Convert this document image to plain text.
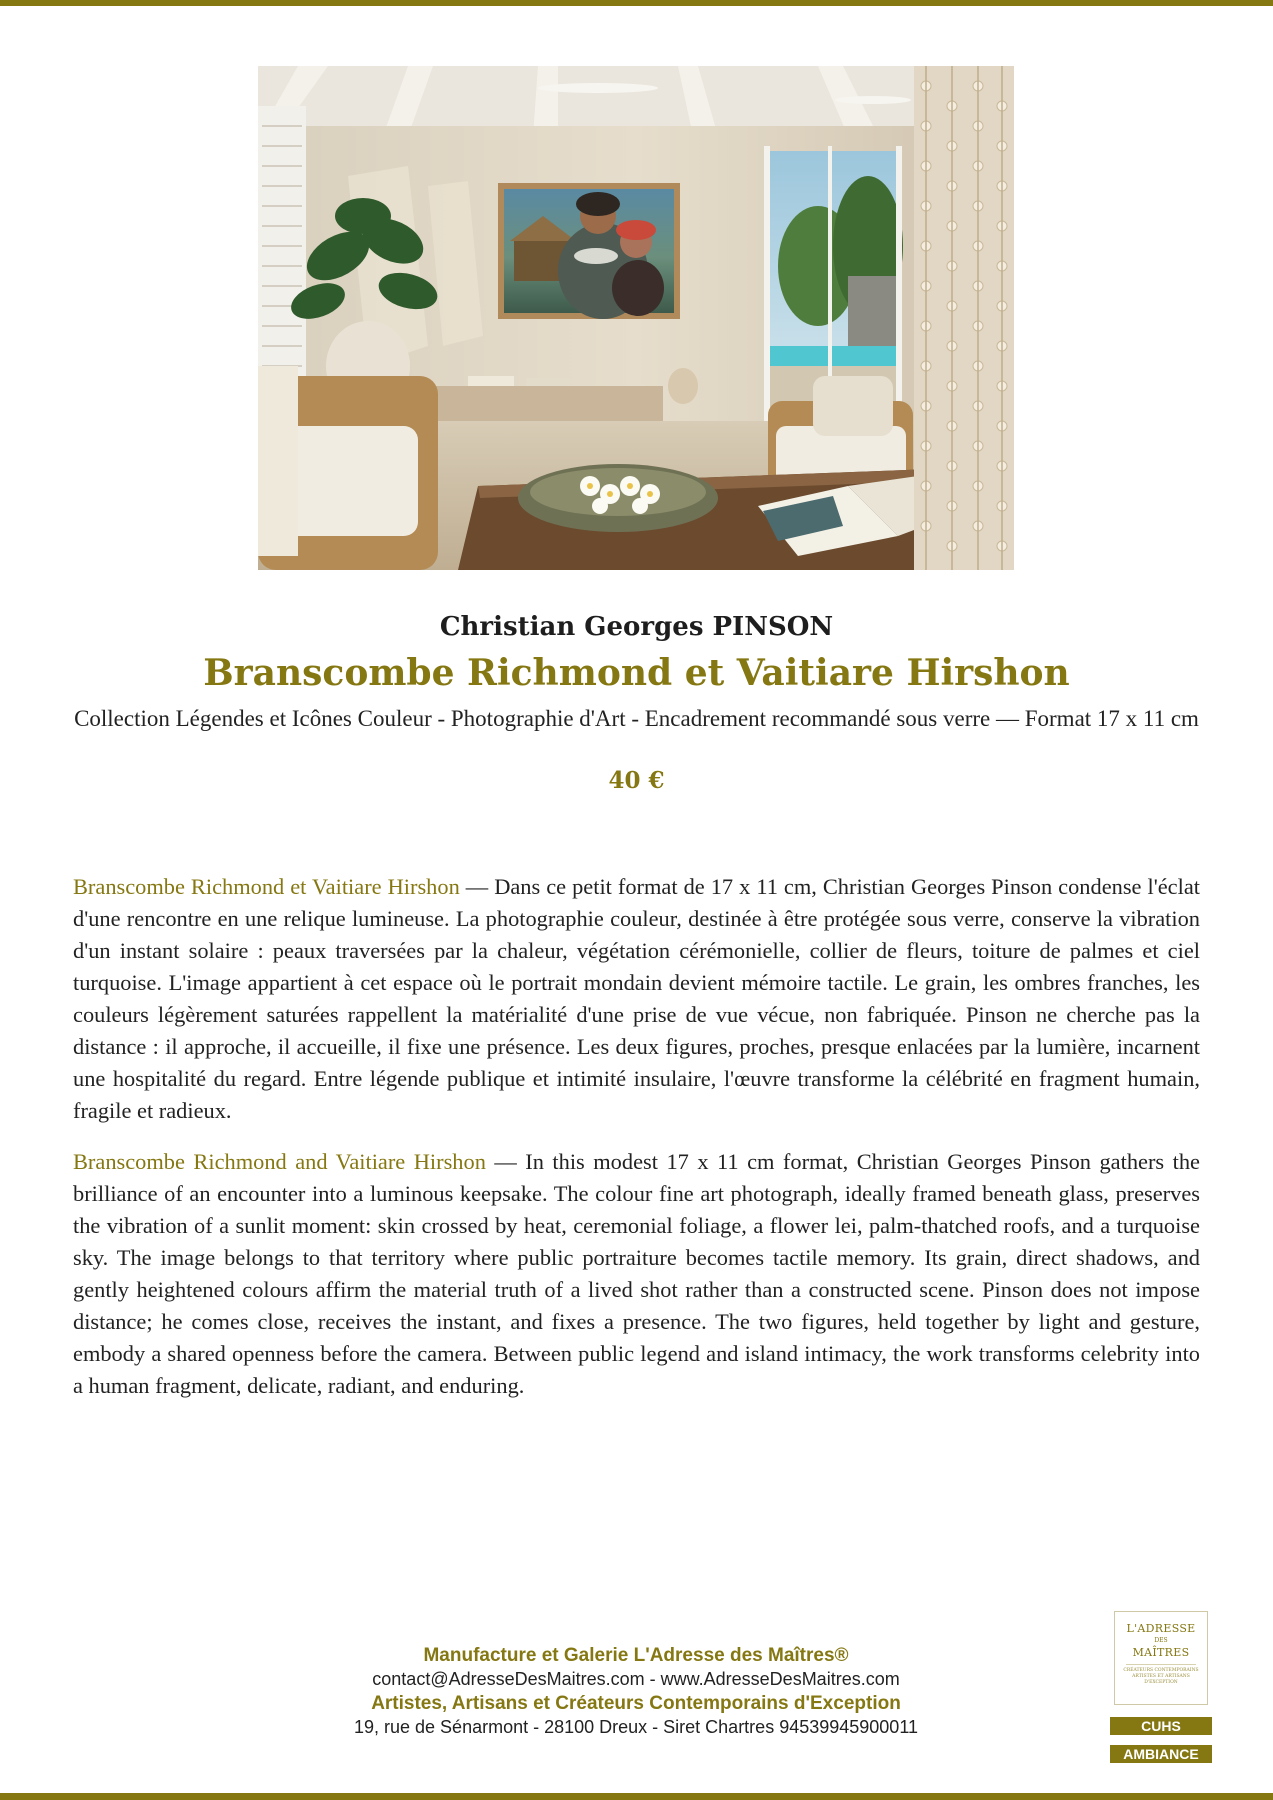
Christian Georges PINSON
Branscombe Richmond et Vaitiare Hirshon
Collection Légendes et Icônes Couleur - Photographie d'Art - Encadrement recommandé sous verre — Format 17 x 11 cm
40 €

Branscombe Richmond et Vaitiare Hirshon — Dans ce petit format de 17 x 11 cm, Christian Georges Pinson condense l'éclat d'une rencontre en une relique lumineuse. La photographie couleur, destinée à être protégée sous verre, conserve la vibration d'un instant solaire : peaux traversées par la chaleur, végétation cérémonielle, collier de fleurs, toiture de palmes et ciel turquoise. L'image appartient à cet espace où le portrait mondain devient mémoire tactile. Le grain, les ombres franches, les couleurs légèrement saturées rappellent la matérialité d'une prise de vue vécue, non fabriquée. Pinson ne cherche pas la distance : il approche, il accueille, il fixe une présence. Les deux figures, proches, presque enlacées par la lumière, incarnent une hospitalité du regard. Entre légende publique et intimité insulaire, l'œuvre transforme la célébrité en fragment humain, fragile et radieux.

Branscombe Richmond and Vaitiare Hirshon — In this modest 17 x 11 cm format, Christian Georges Pinson gathers the brilliance of an encounter into a luminous keepsake. The colour fine art photograph, ideally framed beneath glass, preserves the vibration of a sunlit moment: skin crossed by heat, ceremonial foliage, a flower lei, palm-thatched roofs, and a turquoise sky. The image belongs to that territory where public portraiture becomes tactile memory. Its grain, direct shadows, and gently heightened colours affirm the material truth of a lived shot rather than a constructed scene. Pinson does not impose distance; he comes close, receives the instant, and fixes a presence. The two figures, held together by light and gesture, embody a shared openness before the camera. Between public legend and island intimacy, the work transforms celebrity into a human fragment, delicate, radiant, and enduring.

Manufacture et Galerie L'Adresse des Maîtres®
contact@AdresseDesMaitres.com - www.AdresseDesMaitres.com
Artistes, Artisans et Créateurs Contemporains d'Exception
19, rue de Sénarmont - 28100 Dreux - Siret Chartres 94539945900011
L'ADRESSE
DES
MAÎTRES
CRÉATEURS CONTEMPORAINS ARTISTES ET ARTISANS D'EXCEPTION
CUHS
AMBIANCE
